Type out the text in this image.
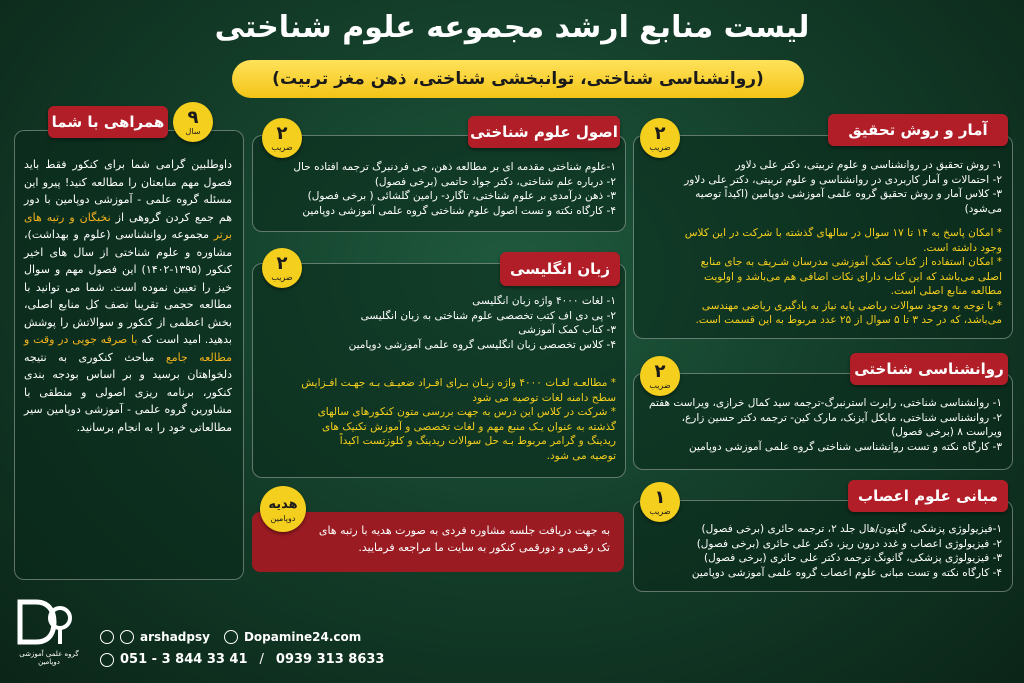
لیست منابع ارشد مجموعه علوم شناختی
(روانشناسی شناختی، توانبخشی شناختی، ذهن مغز تربیت)
آمار و روش تحقیق
۲
ضریب
۱- روش تحقیق در روانشناسی و علوم تربیتی، دکتر علی دلاور
۲- احتمالات و آمار کاربردی در روانشناسی و علوم تربیتی، دکتر علی دلاور
۳- کلاس آمار و روش تحقیق گروه علمی آموزشی دوپامین (اکیداً توصیه
می‌شود)

* امکان پاسخ به ۱۴ تا ۱۷ سوال در سالهای گذشته با شرکت در این کلاس

وجود داشته است.

* امکان استفاده از کتاب کمک آموزشی مدرسان شـریف به جای منابع

اصلی می‌باشد که این کتاب دارای نکات اضافی هم می‌باشد و اولویت

مطالعه منابع اصلی است.

* با توجه به وجود سوالات ریاضی پایه نیاز به یادگیری ریاضی مهندسی

می‌باشد، که در حد ۳ تا ۵ سوال از ۲۵ عدد مربوط به این قسمت است.

روانشناسی شناختی
۲
ضریب
۱- روانشناسی شناختی، رابرت استرنبرگ-ترجمه سید کمال خرازی، ویراست هفتم
۲- روانشناسی شناختی، مایکل آیزنک، مارک کین- ترجمه دکتر حسین زارع،
ویراست ۸ (برخی فصول)
۳- کارگاه نکته و تست روانشناسی شناختی گروه علمی آموزشی دوپامین
مبانی علوم اعصاب
۱
ضریب
۱-فیزیولوژی پزشکی، گایتون/هال جلد ۲، ترجمه حائری (برخی فصول)
۲- فیزیولوژی اعصاب و غدد درون ریز، دکتر علی حائری (برخی فصول)
۳- فیزیولوژی پزشکی، گانونگ ترجمه دکتر علی حائری (برخی فصول)
۴- کارگاه نکته و تست مبانی علوم اعصاب گروه علمی آموزشی دوپامین
اصول علوم شناختی
۲
ضریب
۱-علوم شناختی مقدمه ای بر مطالعه ذهن، جی فردنبرگ ترجمه افتاده حال
۲- درباره علم شناختی، دکتر جواد حاتمی (برخی فصول)
۳- ذهن درآمدی بر علوم شناختی، تاگارد- رامین گلشائی ( برخی فصول)
۴- کارگاه نکته و تست اصول علوم شناختی گروه علمی آموزشی دوپامین
زبان انگلیسی
۲
ضریب
۱- لغات ۴۰۰۰ واژه زبان انگلیسی
۲- پی دی اف کتب تخصصی علوم شناختی به زبان انگلیسی
۳- کتاب کمک آموزشی
۴- کلاس تخصصی زبان انگلیسی گروه علمی آموزشی دوپامین

* مطالعـه لغـات ۴۰۰۰ واژه زبـان بـرای افـراد ضعیـف بـه جهـت افـزایش

سطح دامنه لغات توصیه می شود

* شرکت در کلاس این درس به جهت بررسی متون کنکورهای سالهای

گذشته به عنوان یـک منبع مهم و لغات تخصصی و آموزش تکنیک های

ریدینگ و گرامر مربوط بـه حل سوالات ریدینگ و کلوزتست اکیداً

توصیه می شود.

به جهت دریافت جلسه مشاوره فردی به صورت هدیه با رتبه های تک رقمی و دورقمی کنکور به سایت ما مراجعه فرمایید.
هدیه
دوپامین
همراهی با شما ۹
سال
داوطلبین گرامی شما برای کنکور فقط باید فصول مهم منابعتان را مطالعه کنید! پیرو این مسئله گروه علمی - آموزشی دوپامین با دور هم جمع کردن گروهی از نخبگان و رتبه های برتر مجموعه روانشناسی (علوم و بهداشت)، مشاوره و علوم شناختی از سال های اخیر کنکور (۱۳۹۵-۱۴۰۲) این فصول مهم و سوال خیز را تعیین نموده است. شما می توانید با مطالعه حجمی تقریبا نصف کل منابع اصلی، بخش اعظمی از کنکور و سوالاتش را پوشش بدهید. امید است که با صرفه جویی در وقت و مطالعه جامع مباحث کنکوری به نتیجه دلخواهتان برسید و بر اساس بودجه بندی کنکور، برنامه ریزی اصولی و منطقی با مشاورین گروه علمی - آموزشی دوپامین سیر مطالعاتی خود را به انجام برسانید.
گروه علمی آموزشی دوپامین
arshadpsy	Dopamine24.com
051 - 3 844 33 41 / 0939 313 8633
